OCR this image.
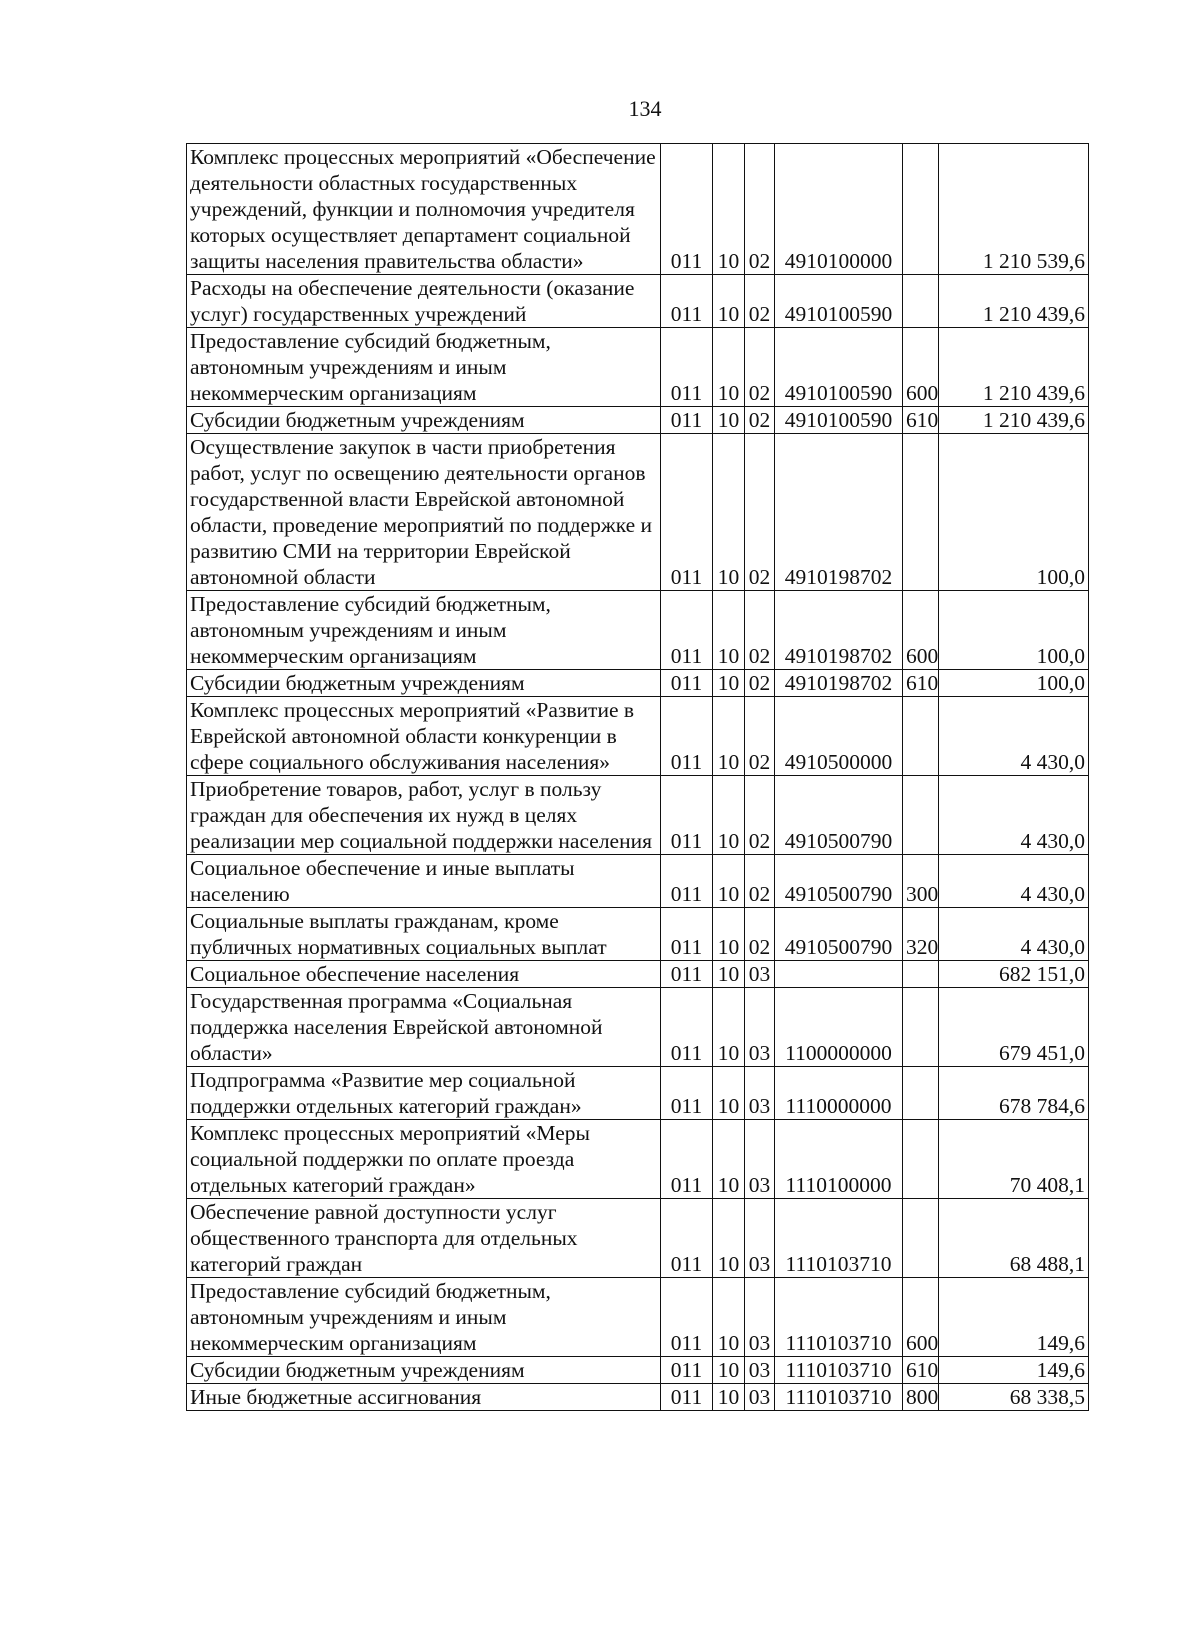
134
Комплекс процессных мероприятий «Обеспечение деятельности областных государственных учреждений, функции и полномочия учредителя которых осуществляет департамент социальной защиты населения правительства области»	011	10	02	4910100000		1 210 539,6
Расходы на обеспечение деятельности (оказание услуг) государственных учреждений	011	10	02	4910100590		1 210 439,6
Предоставление субсидий бюджетным, автономным учреждениям и иным некоммерческим организациям	011	10	02	4910100590	600	1 210 439,6
Субсидии бюджетным учреждениям	011	10	02	4910100590	610	1 210 439,6
Осуществление закупок в части приобретения работ, услуг по освещению деятельности органов государственной власти Еврейской автономной области, проведение мероприятий по поддержке и развитию СМИ на территории Еврейской автономной области	011	10	02	4910198702		100,0
Предоставление субсидий бюджетным, автономным учреждениям и иным некоммерческим организациям	011	10	02	4910198702	600	100,0
Субсидии бюджетным учреждениям	011	10	02	4910198702	610	100,0
Комплекс процессных мероприятий «Развитие в Еврейской автономной области конкуренции в сфере социального обслуживания населения»	011	10	02	4910500000		4 430,0
Приобретение товаров, работ, услуг в пользу граждан для обеспечения их нужд в целях реализации мер социальной поддержки населения	011	10	02	4910500790		4 430,0
Социальное обеспечение и иные выплаты населению	011	10	02	4910500790	300	4 430,0
Социальные выплаты гражданам, кроме публичных нормативных социальных выплат	011	10	02	4910500790	320	4 430,0
Социальное обеспечение населения	011	10	03			682 151,0
Государственная программа «Социальная поддержка населения Еврейской автономной области»	011	10	03	1100000000		679 451,0
Подпрограмма «Развитие мер социальной поддержки отдельных категорий граждан»	011	10	03	1110000000		678 784,6
Комплекс процессных мероприятий «Меры социальной поддержки по оплате проезда отдельных категорий граждан»	011	10	03	1110100000		70 408,1
Обеспечение равной доступности услуг общественного транспорта для отдельных категорий граждан	011	10	03	1110103710		68 488,1
Предоставление субсидий бюджетным, автономным учреждениям и иным некоммерческим организациям	011	10	03	1110103710	600	149,6
Субсидии бюджетным учреждениям	011	10	03	1110103710	610	149,6
Иные бюджетные ассигнования	011	10	03	1110103710	800	68 338,5
